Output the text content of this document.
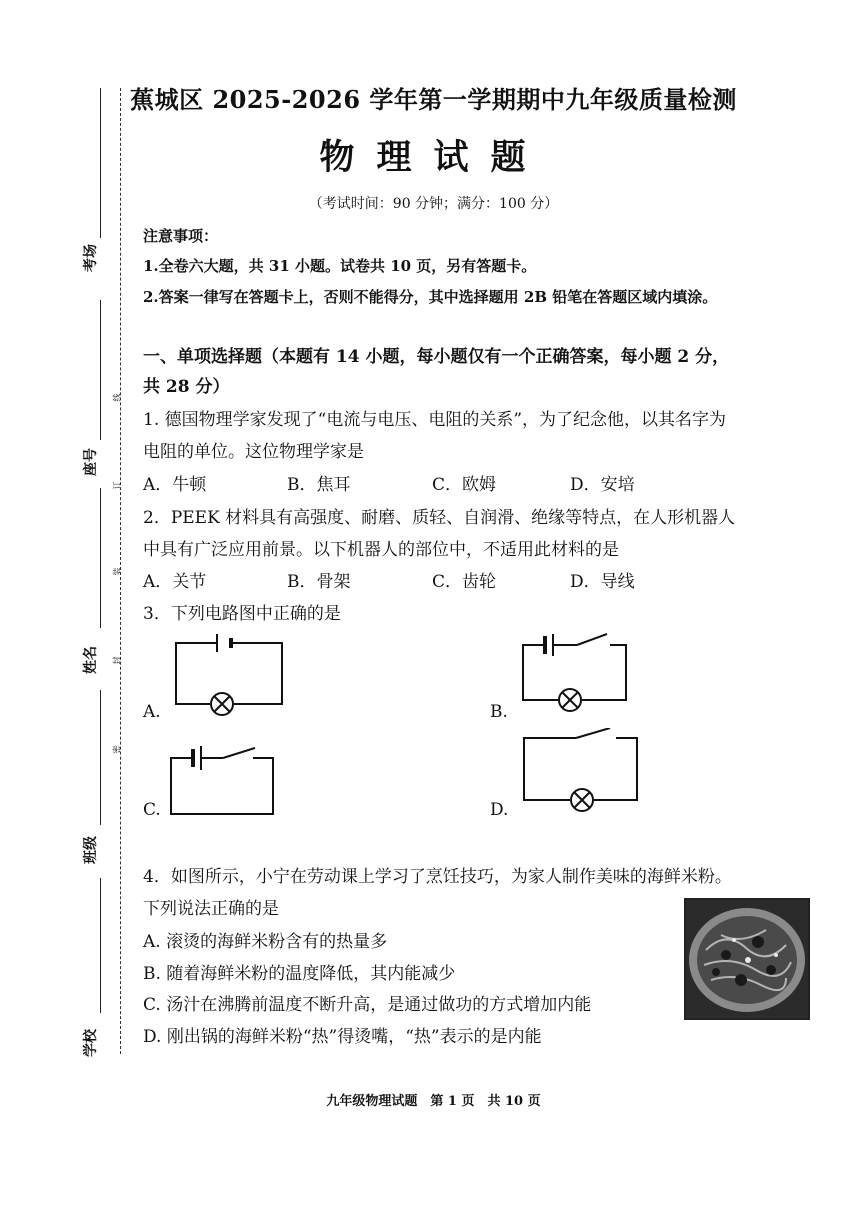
考场
座号
姓名
班级
学校
线
订
装
封
密
蕉城区 2025-2026 学年第一学期期中九年级质量检测
物理试题
（考试时间：90 分钟；满分：100 分）
注意事项：
1.全卷六大题，共 31 小题。试卷共 10 页，另有答题卡。
2.答案一律写在答题卡上，否则不能得分，其中选择题用 2B 铅笔在答题区域内填涂。
一、单项选择题（本题有 14 小题，每小题仅有一个正确答案，每小题 2 分，
共 28 分）
1. 德国物理学家发现了“电流与电压、电阻的关系”，为了纪念他，以其名字为
电阻的单位。这位物理学家是
A．牛顿	B．焦耳	C．欧姆	D．安培
2．PEEK 材料具有高强度、耐磨、质轻、自润滑、绝缘等特点，在人形机器人
中具有广泛应用前景。以下机器人的部位中，不适用此材料的是
A．关节	B．骨架	C．齿轮	D．导线
3．下列电路图中正确的是
A.	B.
C.	D.
4．如图所示，小宁在劳动课上学习了烹饪技巧，为家人制作美味的海鲜米粉。
下列说法正确的是
A. 滚烫的海鲜米粉含有的热量多
B. 随着海鲜米粉的温度降低，其内能减少
C. 汤汁在沸腾前温度不断升高，是通过做功的方式增加内能
D. 刚出锅的海鲜米粉“热”得烫嘴，“热”表示的是内能
九年级物理试题　第 1 页　共 10 页
